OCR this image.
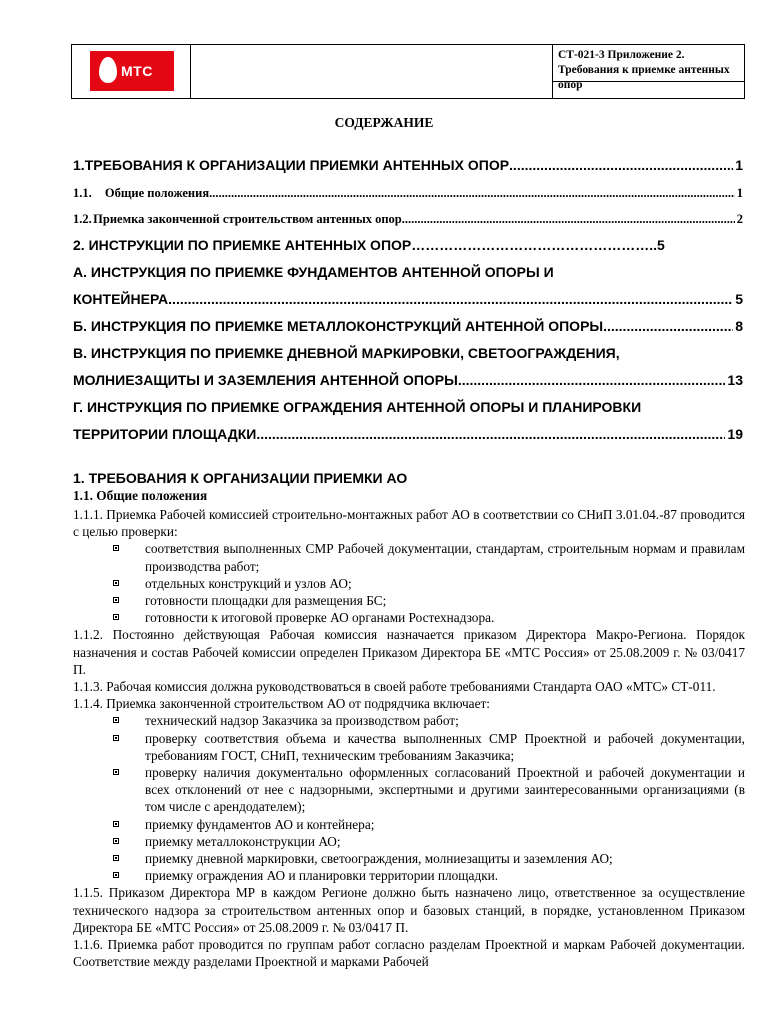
МТС
СТ-021-3 Приложение 2. Требования к приемке антенных опор
СОДЕРЖАНИЕ
1. ТРЕБОВАНИЯ К ОРГАНИЗАЦИИ ПРИЕМКИ АНТЕННЫХ ОПОР .....	1
1.1.	Общие положения .....	1
1.2. Приемка законченной строительством антенных опор .....	2
2. ИНСТРУКЦИИ ПО ПРИЕМКЕ АНТЕННЫХ ОПОР……………………………………………..5
А. ИНСТРУКЦИЯ ПО ПРИЕМКЕ ФУНДАМЕНТОВ АНТЕННОЙ ОПОРЫ И
КОНТЕЙНЕРА .....	5
Б. ИНСТРУКЦИЯ ПО ПРИЕМКЕ МЕТАЛЛОКОНСТРУКЦИЙ АНТЕННОЙ ОПОРЫ .....	8
В. ИНСТРУКЦИЯ ПО ПРИЕМКЕ ДНЕВНОЙ МАРКИРОВКИ, СВЕТООГРАЖДЕНИЯ,
МОЛНИЕЗАЩИТЫ И ЗАЗЕМЛЕНИЯ АНТЕННОЙ ОПОРЫ .....	13
Г. ИНСТРУКЦИЯ ПО ПРИЕМКЕ ОГРАЖДЕНИЯ АНТЕННОЙ ОПОРЫ И ПЛАНИРОВКИ
ТЕРРИТОРИИ ПЛОЩАДКИ .....	19
1. ТРЕБОВАНИЯ К ОРГАНИЗАЦИИ ПРИЕМКИ АО
1.1. Общие положения

1.1.1. Приемка Рабочей комиссией строительно-монтажных работ АО в соответствии со СНиП 3.01.04.-87 проводится с целью проверки:

соответствия выполненных СМР Рабочей документации, стандартам, строительным нормам и правилам производства работ;
отдельных конструкций и узлов АО;
готовности площадки для размещения БС;
готовности к итоговой проверке АО органами Ростехнадзора.

1.1.2. Постоянно действующая Рабочая комиссия назначается приказом Директора Макро-Региона. Порядок назначения и состав Рабочей комиссии определен Приказом Директора БЕ «МТС Россия» от 25.08.2009 г. № 03/0417 П.

1.1.3. Рабочая комиссия должна руководствоваться в своей работе требованиями Стандарта ОАО «МТС» СТ-011.

1.1.4. Приемка законченной строительством АО от подрядчика включает:

технический надзор Заказчика за производством работ;
проверку соответствия объема и качества выполненных СМР Проектной и рабочей документации, требованиям ГОСТ, СНиП, техническим требованиям Заказчика;
проверку наличия документально оформленных согласований Проектной и рабочей документации и всех отклонений от нее с надзорными, экспертными и другими заинтересованными организациями (в том числе с арендодателем);
приемку фундаментов АО и контейнера;
приемку металлоконструкции АО;
приемку дневной маркировки, светоограждения, молниезащиты и заземления АО;
приемку ограждения АО и планировки территории площадки.

1.1.5. Приказом Директора МР в каждом Регионе должно быть назначено лицо, ответственное за осуществление технического надзора за строительством антенных опор и базовых станций, в порядке, установленном Приказом Директора БЕ «МТС Россия» от 25.08.2009 г. № 03/0417 П.

1.1.6. Приемка работ проводится по группам работ согласно разделам Проектной и маркам Рабочей документации. Соответствие между разделами Проектной и марками Рабочей
